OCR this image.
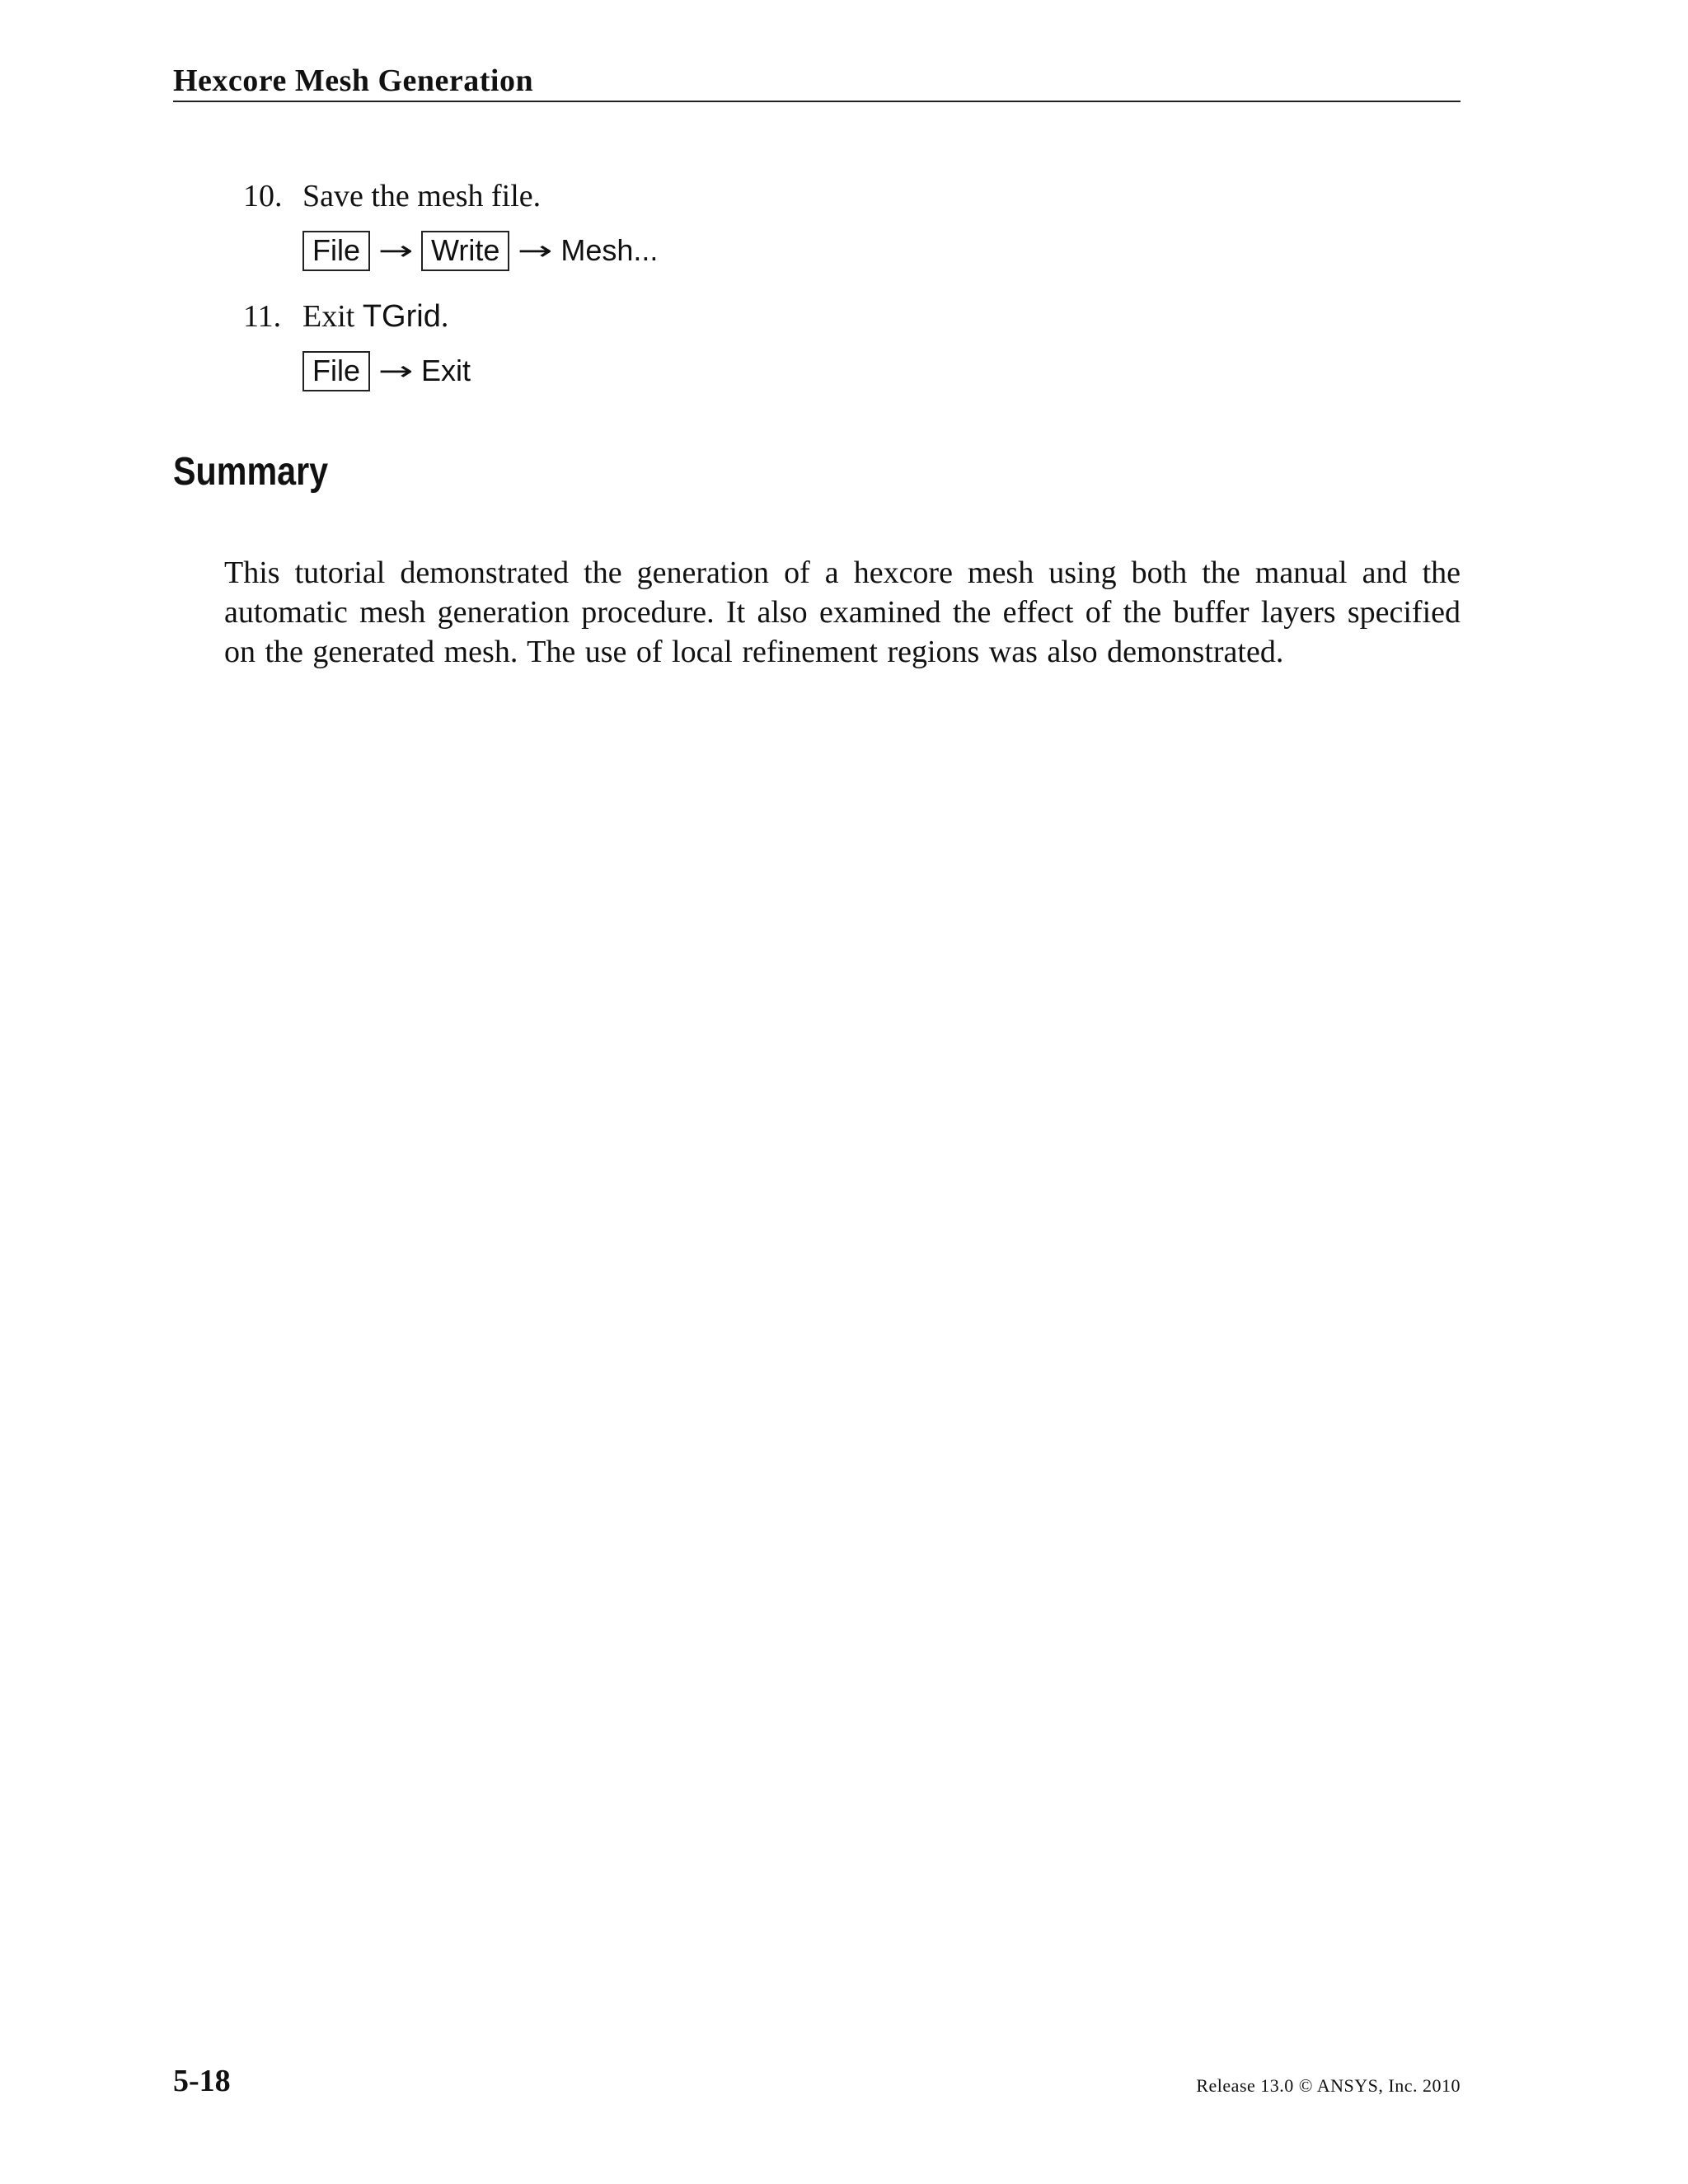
Hexcore Mesh Generation
10. Save the mesh file.
File → Write → Mesh...
11. Exit TGrid.
File → Exit
Summary

This tutorial demonstrated the generation of a hexcore mesh using both the manual and the automatic mesh generation procedure. It also examined the effect of the buffer layers specified on the generated mesh. The use of local refinement regions was also demonstrated.

5-18	Release 13.0 © ANSYS, Inc. 2010
